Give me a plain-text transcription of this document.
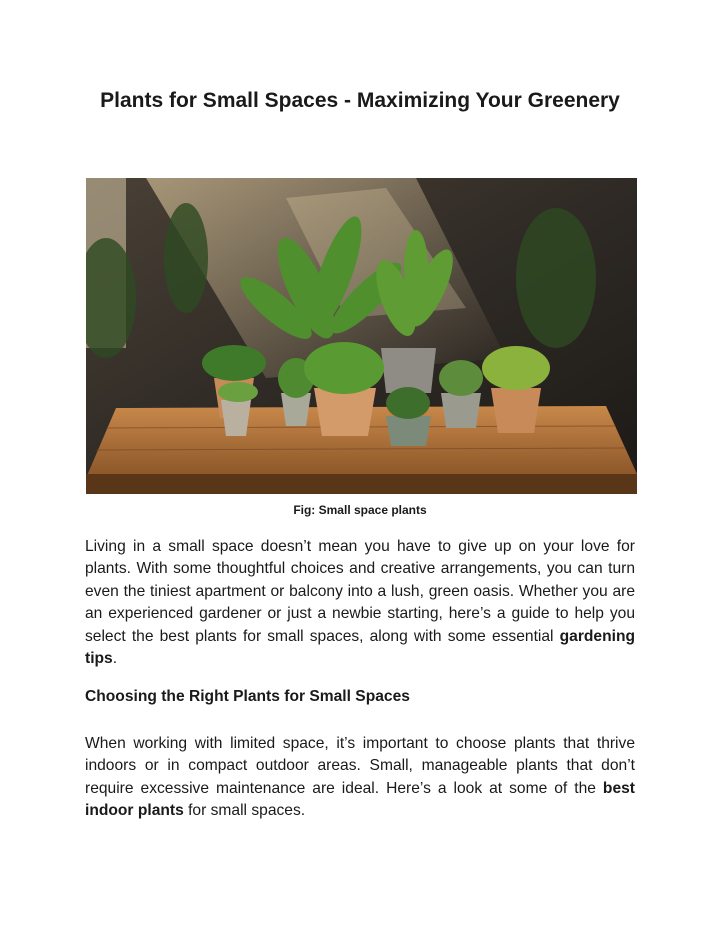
Plants for Small Spaces - Maximizing Your Greenery

Fig: Small space plants

Living in a small space doesn’t mean you have to give up on your love for plants. With some thoughtful choices and creative arrangements, you can turn even the tiniest apartment or balcony into a lush, green oasis. Whether you are an experienced gardener or just a newbie starting, here’s a guide to help you select the best plants for small spaces, along with some essential gardening tips.

Choosing the Right Plants for Small Spaces

When working with limited space, it’s important to choose plants that thrive indoors or in compact outdoor areas. Small, manageable plants that don’t require excessive maintenance are ideal. Here’s a look at some of the best indoor plants for small spaces.
